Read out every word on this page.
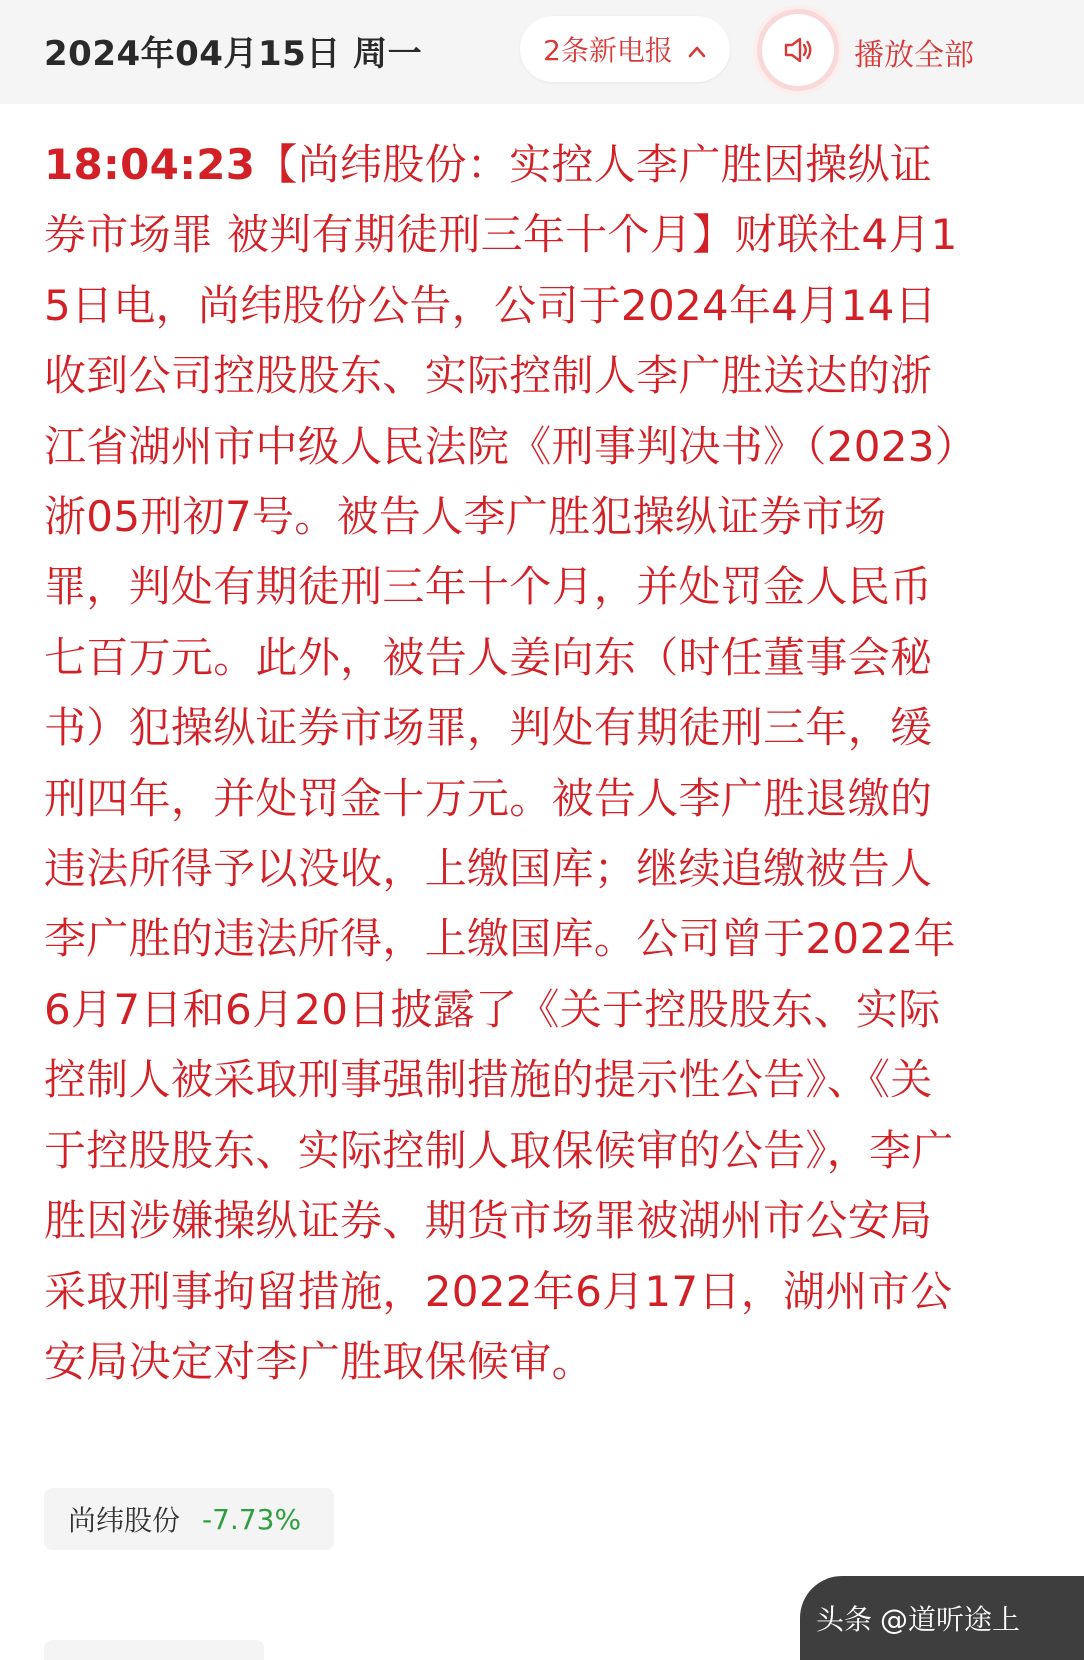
2024年04月15日 周一	2条新电报	播放全部
18:04:23【尚纬股份：实控人李广胜因操纵证券市场罪 被判有期徒刑三年十个月】财联社4月15日电，尚纬股份公告，公司于2024年4月14日收到公司控股股东、实际控制人李广胜送达的浙江省湖州市中级人民法院《刑事判决书》（2023）浙05刑初7号。被告人李广胜犯操纵证券市场罪，判处有期徒刑三年十个月，并处罚金人民币七百万元。此外，被告人姜向东（时任董事会秘书）犯操纵证券市场罪，判处有期徒刑三年，缓刑四年，并处罚金十万元。被告人李广胜退缴的违法所得予以没收，上缴国库；继续追缴被告人李广胜的违法所得，上缴国库。公司曾于2022年6月7日和6月20日披露了《关于控股股东、实际控制人被采取刑事强制措施的提示性公告》、《关于控股股东、实际控制人取保候审的公告》，李广胜因涉嫌操纵证券、期货市场罪被湖州市公安局采取刑事拘留措施，2022年6月17日，湖州市公安局决定对李广胜取保候审。
尚纬股份 -7.73%
头条 @道听途上
